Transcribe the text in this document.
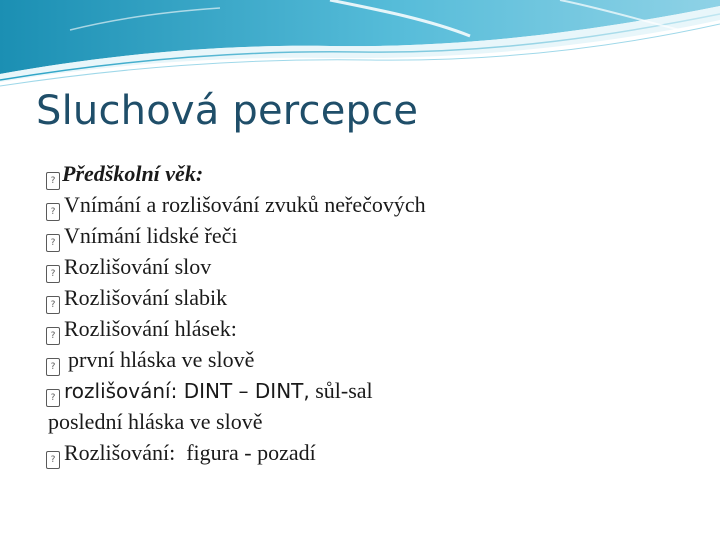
Sluchová percepce
? Předškolní věk:
? Vnímání a rozlišování zvuků neřečových
? Vnímání lidské řeči
? Rozlišování slov
? Rozlišování slabik
? Rozlišování hlásek:
? první hláska ve slově
? rozlišování: DINT – DINT, sůl-sal
poslední hláska ve slově
? Rozlišování:  figura - pozadí
